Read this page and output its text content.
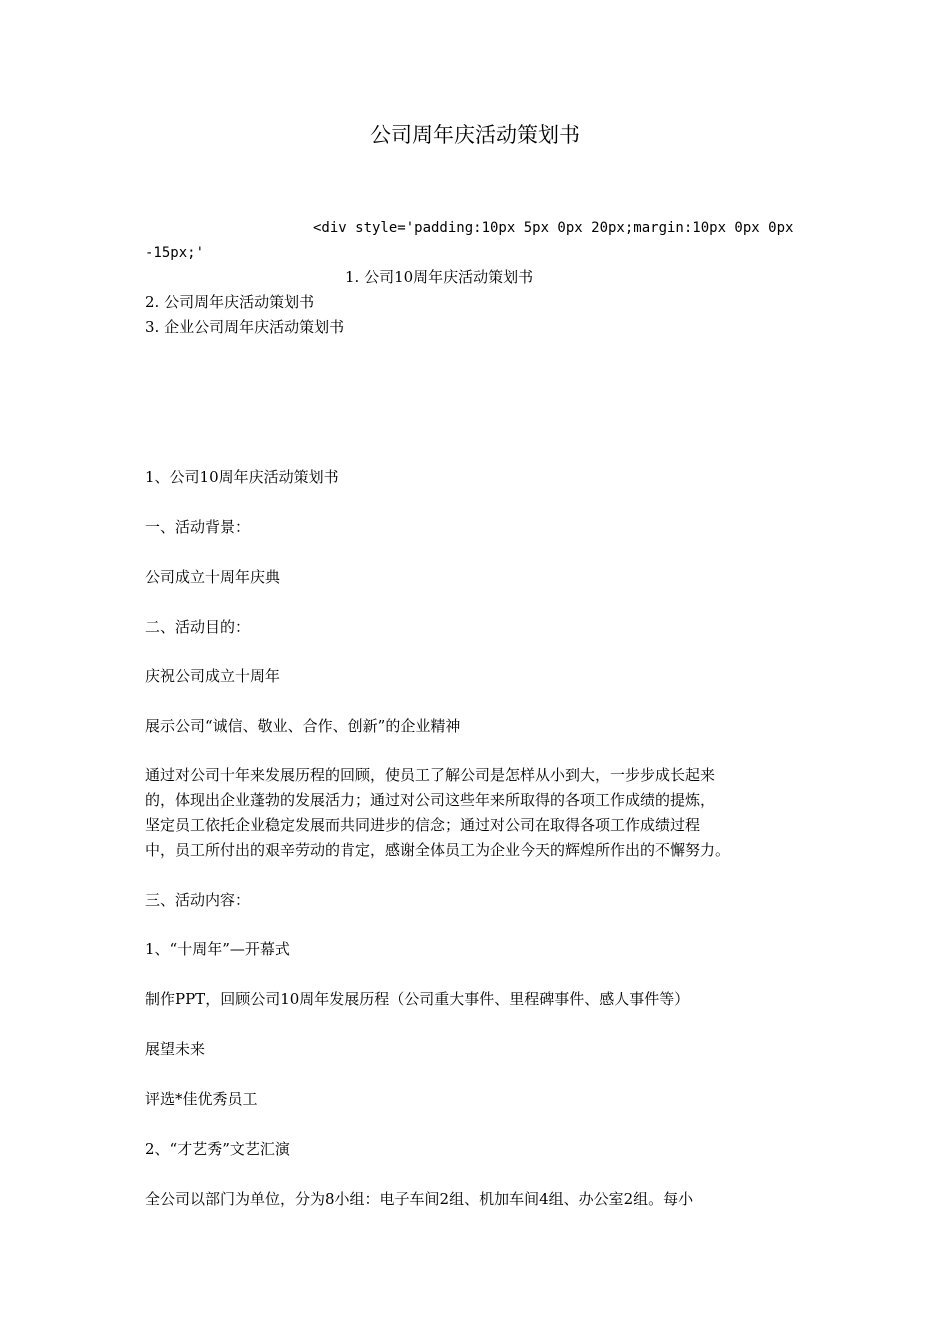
公司周年庆活动策划书

<div style='padding:10px 5px 0px 20px;margin:10px 0px 0px

-15px;'

1. 公司10周年庆活动策划书

2. 公司周年庆活动策划书

3. 企业公司周年庆活动策划书

1、公司10周年庆活动策划书

一、活动背景：

公司成立十周年庆典

二、活动目的：

庆祝公司成立十周年

展示公司“诚信、敬业、合作、创新”的企业精神

通过对公司十年来发展历程的回顾，使员工了解公司是怎样从小到大，一步步成长起来

的，体现出企业蓬勃的发展活力；通过对公司这些年来所取得的各项工作成绩的提炼，

坚定员工依托企业稳定发展而共同进步的信念；通过对公司在取得各项工作成绩过程

中，员工所付出的艰辛劳动的肯定，感谢全体员工为企业今天的辉煌所作出的不懈努力。

三、活动内容：

1、“十周年”—开幕式

制作PPT，回顾公司10周年发展历程（公司重大事件、里程碑事件、感人事件等）

展望未来

评选*佳优秀员工

2、“才艺秀”文艺汇演

全公司以部门为单位，分为8小组：电子车间2组、机加车间4组、办公室2组。每小
